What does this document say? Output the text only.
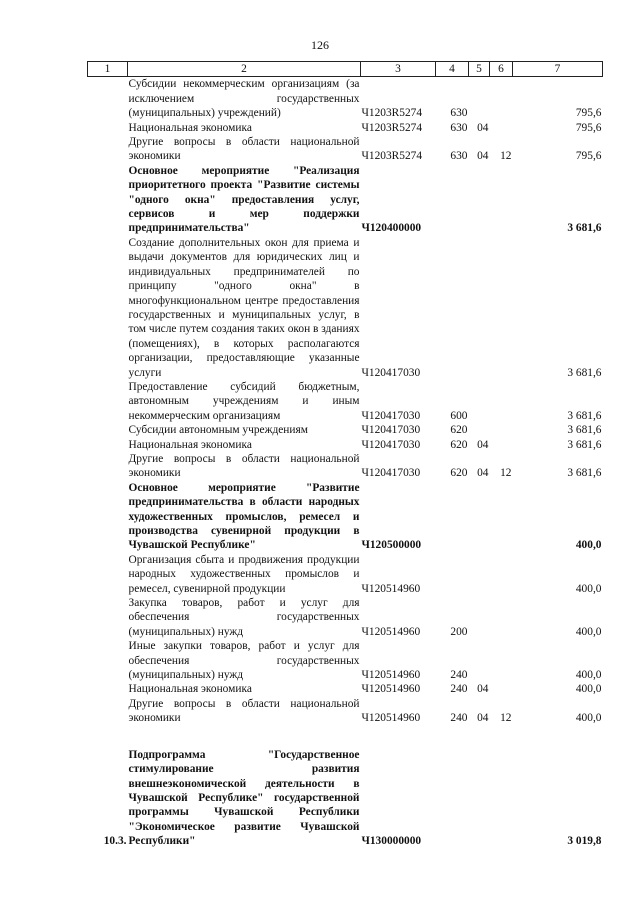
126
1	2	3	4	5	6	7
	Субсидии некоммерческим организациям (за исключением государственных (муниципальных) учреждений)	Ч1203R5274	630			795,6
	Национальная экономика	Ч1203R5274	630	04		795,6
	Другие вопросы в области национальной экономики	Ч1203R5274	630	04	12	795,6
	Основное мероприятие "Реализация приоритетного проекта "Развитие системы "одного окна" предоставления услуг, сервисов и мер поддержки предпринимательства"	Ч120400000				3 681,6
	Создание дополнительных окон для приема и выдачи документов для юридических лиц и индивидуальных предпринимателей по принципу "одного окна" в многофункциональном центре предоставления государственных и муниципальных услуг, в том числе путем создания таких окон в зданиях (помещениях), в которых располагаются организации, предоставляющие указанные услуги	Ч120417030				3 681,6
	Предоставление субсидий бюджетным, автономным учреждениям и иным некоммерческим организациям	Ч120417030	600			3 681,6
	Субсидии автономным учреждениям	Ч120417030	620			3 681,6
	Национальная экономика	Ч120417030	620	04		3 681,6
	Другие вопросы в области национальной экономики	Ч120417030	620	04	12	3 681,6
	Основное мероприятие "Развитие предпринимательства в области народных художественных промыслов, ремесел и производства сувенирной продукции в Чувашской Республике"	Ч120500000				400,0
	Организация сбыта и продвижения продукции народных художественных промыслов и ремесел, сувенирной продукции	Ч120514960				400,0
	Закупка товаров, работ и услуг для обеспечения государственных (муниципальных) нужд	Ч120514960	200			400,0
	Иные закупки товаров, работ и услуг для обеспечения государственных (муниципальных) нужд	Ч120514960	240			400,0
	Национальная экономика	Ч120514960	240	04		400,0
	Другие вопросы в области национальной экономики	Ч120514960	240	04	12	400,0

10.3.	Подпрограмма "Государственное стимулирование развития внешнеэкономической деятельности в Чувашской Республике" государственной программы Чувашской Республики "Экономическое развитие Чувашской Республики"	Ч130000000				3 019,8
